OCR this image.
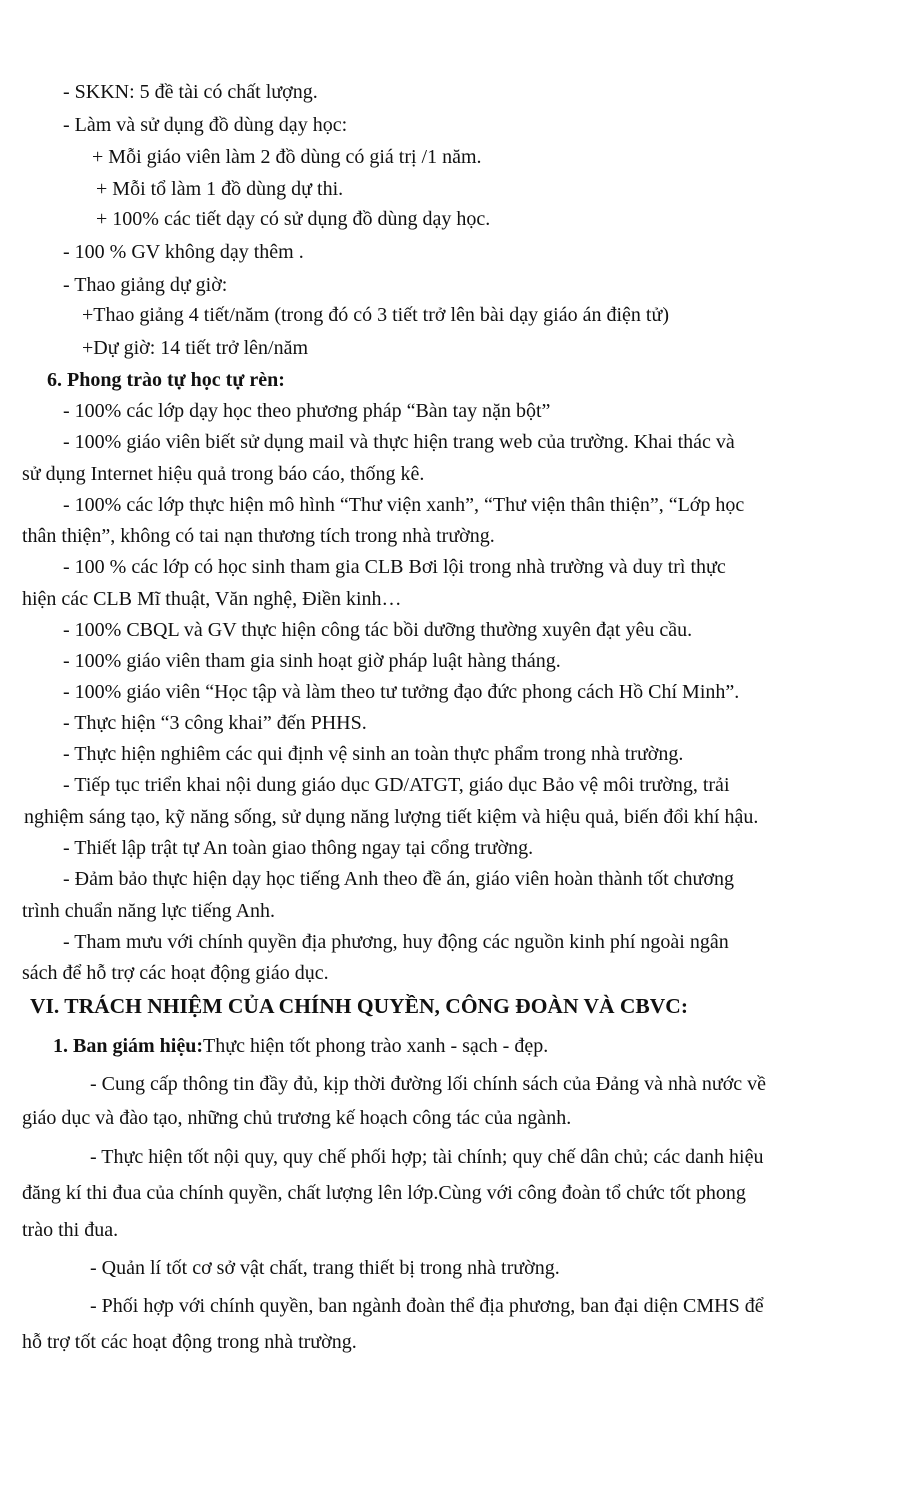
- SKKN: 5 đề tài có chất lượng.
- Làm và sử dụng đồ dùng dạy học:
+ Mỗi giáo viên làm 2 đồ dùng có giá trị /1 năm.
+ Mỗi tổ làm 1 đồ dùng dự thi.
+ 100% các tiết dạy có sử dụng đồ dùng dạy học.
- 100 % GV không dạy thêm .
- Thao giảng dự giờ:
+Thao giảng 4 tiết/năm (trong đó có 3 tiết trở lên bài dạy giáo án điện tử)
+Dự giờ: 14 tiết trở lên/năm
6. Phong trào tự học tự rèn:
- 100% các lớp dạy học theo phương pháp “Bàn tay nặn bột”
- 100% giáo viên biết sử dụng mail và thực hiện trang web của trường. Khai thác và
sử dụng Internet hiệu quả trong báo cáo, thống kê.
- 100% các lớp thực hiện mô hình “Thư viện xanh”, “Thư viện thân thiện”, “Lớp học
thân thiện”, không có tai nạn thương tích trong nhà trường.
- 100 % các lớp có học sinh tham gia CLB Bơi lội trong nhà trường và duy trì thực
hiện các CLB Mĩ thuật, Văn nghệ, Điền kinh…
- 100% CBQL và GV thực hiện công tác bồi dưỡng thường xuyên đạt yêu cầu.
- 100% giáo viên tham gia sinh hoạt giờ pháp luật hàng tháng.
- 100% giáo viên “Học tập và làm theo tư tưởng đạo đức phong cách Hồ Chí Minh”.
- Thực hiện “3 công khai” đến PHHS.
- Thực hiện nghiêm các qui định vệ sinh an toàn thực phẩm trong nhà trường.
- Tiếp tục triển khai nội dung giáo dục GD/ATGT, giáo dục Bảo vệ môi trường, trải
nghiệm sáng tạo, kỹ năng sống, sử dụng năng lượng tiết kiệm và hiệu quả, biến đổi khí hậu.
- Thiết lập trật tự An toàn giao thông ngay tại cổng trường.
- Đảm bảo thực hiện dạy học tiếng Anh theo đề án, giáo viên hoàn thành tốt chương
trình chuẩn năng lực tiếng Anh.
- Tham mưu với chính quyền địa phương, huy động các nguồn kinh phí ngoài ngân
sách để hỗ trợ các hoạt động giáo dục.
VI. TRÁCH NHIỆM CỦA CHÍNH QUYỀN, CÔNG ĐOÀN VÀ CBVC:
1. Ban giám hiệu:Thực hiện tốt phong trào xanh - sạch - đẹp.
- Cung cấp thông tin đầy đủ, kịp thời đường lối chính sách của Đảng và nhà nước về
giáo dục và đào tạo, những chủ trương kế hoạch công tác của ngành.
- Thực hiện tốt nội quy, quy chế phối hợp; tài chính; quy chế dân chủ; các danh hiệu
đăng kí thi đua của chính quyền, chất lượng lên lớp.Cùng với công đoàn tổ chức tốt phong
trào thi đua.
- Quản lí tốt cơ sở vật chất, trang thiết bị trong nhà trường.
- Phối hợp với chính quyền, ban ngành đoàn thể địa phương, ban đại diện CMHS để
hỗ trợ tốt các hoạt động trong nhà trường.
